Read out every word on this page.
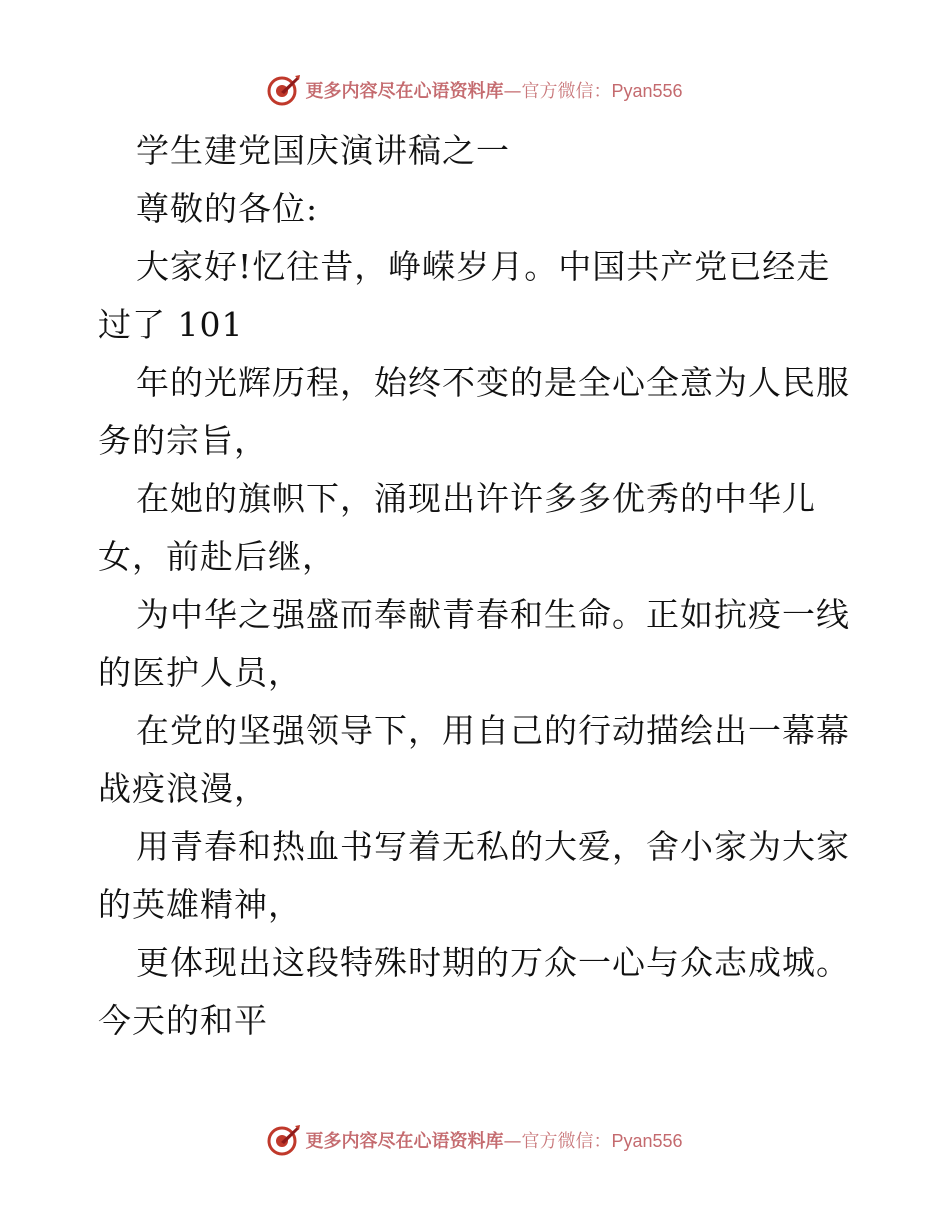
更多内容尽在心语资料库—官方微信：Pyan556
学生建党国庆演讲稿之一
尊敬的各位:
大家好!忆往昔，峥嵘岁月。中国共产党已经走
过了 101
年的光辉历程，始终不变的是全心全意为人民服
务的宗旨，
在她的旗帜下，涌现出许许多多优秀的中华儿
女，前赴后继，
为中华之强盛而奉献青春和生命。正如抗疫一线
的医护人员，
在党的坚强领导下，用自己的行动描绘出一幕幕
战疫浪漫，
用青春和热血书写着无私的大爱，舍小家为大家
的英雄精神，
更体现出这段特殊时期的万众一心与众志成城。
今天的和平
更多内容尽在心语资料库—官方微信：Pyan556
